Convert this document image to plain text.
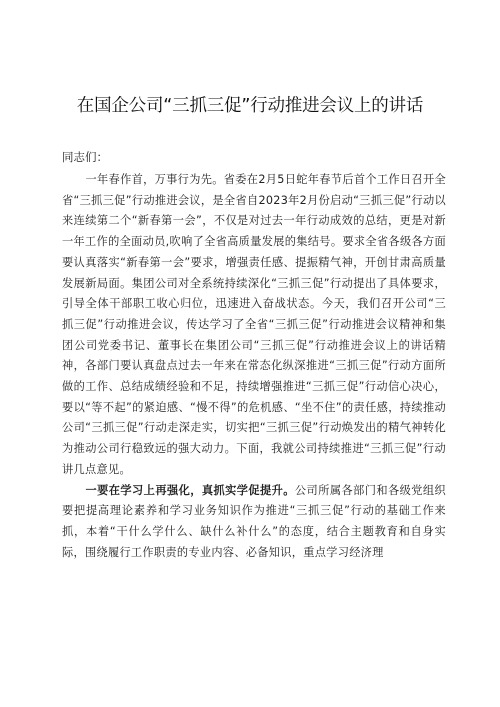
在国企公司“三抓三促”行动推进会议上的讲话
同志们：

一年春作首，万事行为先。省委在2月5日蛇年春节后首个工作日召开全省“三抓三促”行动推进会议，是全省自2023年2月份启动“三抓三促”行动以来连续第二个“新春第一会”，不仅是对过去一年行动成效的总结，更是对新一年工作的全面动员,吹响了全省高质量发展的集结号。要求全省各级各方面要认真落实“新春第一会”要求，增强责任感、提振精气神，开创甘肃高质量发展新局面。集团公司对全系统持续深化“三抓三促”行动提出了具体要求，引导全体干部职工收心归位，迅速进入奋战状态。今天，我们召开公司“三抓三促”行动推进会议，传达学习了全省“三抓三促”行动推进会议精神和集团公司党委书记、董事长在集团公司“三抓三促”行动推进会议上的讲话精神，各部门要认真盘点过去一年来在常态化纵深推进“三抓三促”行动方面所做的工作、总结成绩经验和不足，持续增强推进“三抓三促”行动信心决心，要以“等不起”的紧迫感、“慢不得”的危机感、“坐不住”的责任感，持续推动公司“三抓三促”行动走深走实，切实把“三抓三促”行动焕发出的精气神转化为推动公司行稳致远的强大动力。下面，我就公司持续推进“三抓三促”行动讲几点意见。

一要在学习上再强化，真抓实学促提升。公司所属各部门和各级党组织要把提高理论素养和学习业务知识作为推进“三抓三促”行动的基础工作来抓，本着“干什么学什么、缺什么补什么”的态度，结合主题教育和自身实际，围绕履行工作职责的专业内容、必备知识，重点学习经济理
